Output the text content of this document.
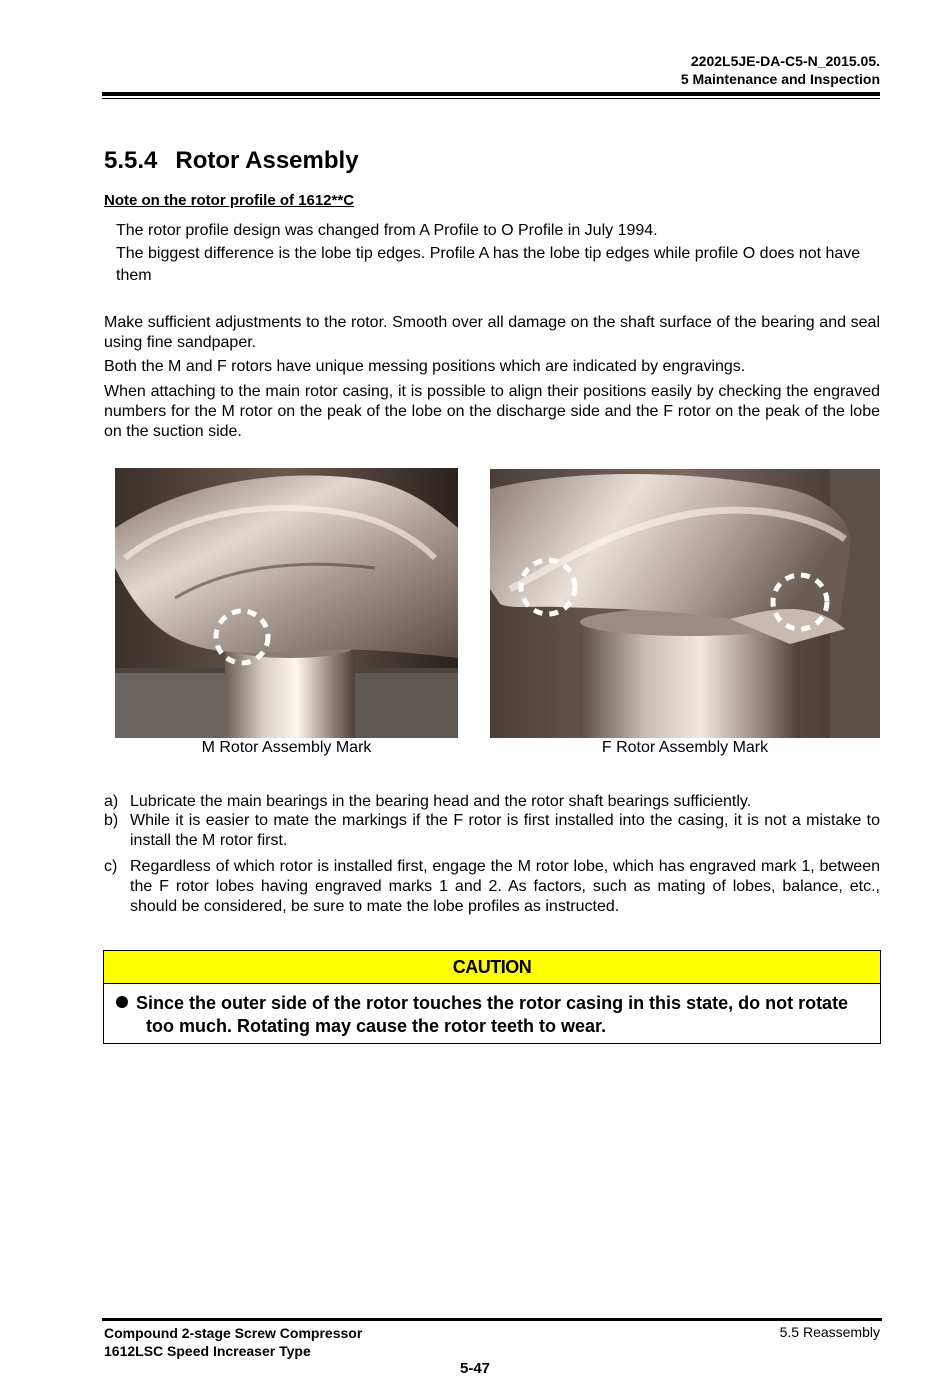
2202L5JE-DA-C5-N_2015.05.
5 Maintenance and Inspection
5.5.4 Rotor Assembly
Note on the rotor profile of 1612**C
The rotor profile design was changed from A Profile to O Profile in July 1994.
The biggest difference is the lobe tip edges. Profile A has the lobe tip edges while profile O does not have them
Make sufficient adjustments to the rotor. Smooth over all damage on the shaft surface of the bearing and seal using fine sandpaper.
Both the M and F rotors have unique messing positions which are indicated by engravings.
When attaching to the main rotor casing, it is possible to align their positions easily by checking the engraved numbers for the M rotor on the peak of the lobe on the discharge side and the F rotor on the peak of the lobe on the suction side.
M Rotor Assembly Mark	F Rotor Assembly Mark
a) Lubricate the main bearings in the bearing head and the rotor shaft bearings sufficiently.
b) While it is easier to mate the markings if the F rotor is first installed into the casing, it is not a mistake to install the M rotor first.
c) Regardless of which rotor is installed first, engage the M rotor lobe, which has engraved mark 1, between the F rotor lobes having engraved marks 1 and 2. As factors, such as mating of lobes, balance, etc., should be considered, be sure to mate the lobe profiles as instructed.
CAUTION
Since the outer side of the rotor touches the rotor casing in this state, do not rotate
too much. Rotating may cause the rotor teeth to wear.
Compound 2-stage Screw Compressor
1612LSC Speed Increaser Type
5.5 Reassembly
5-47
